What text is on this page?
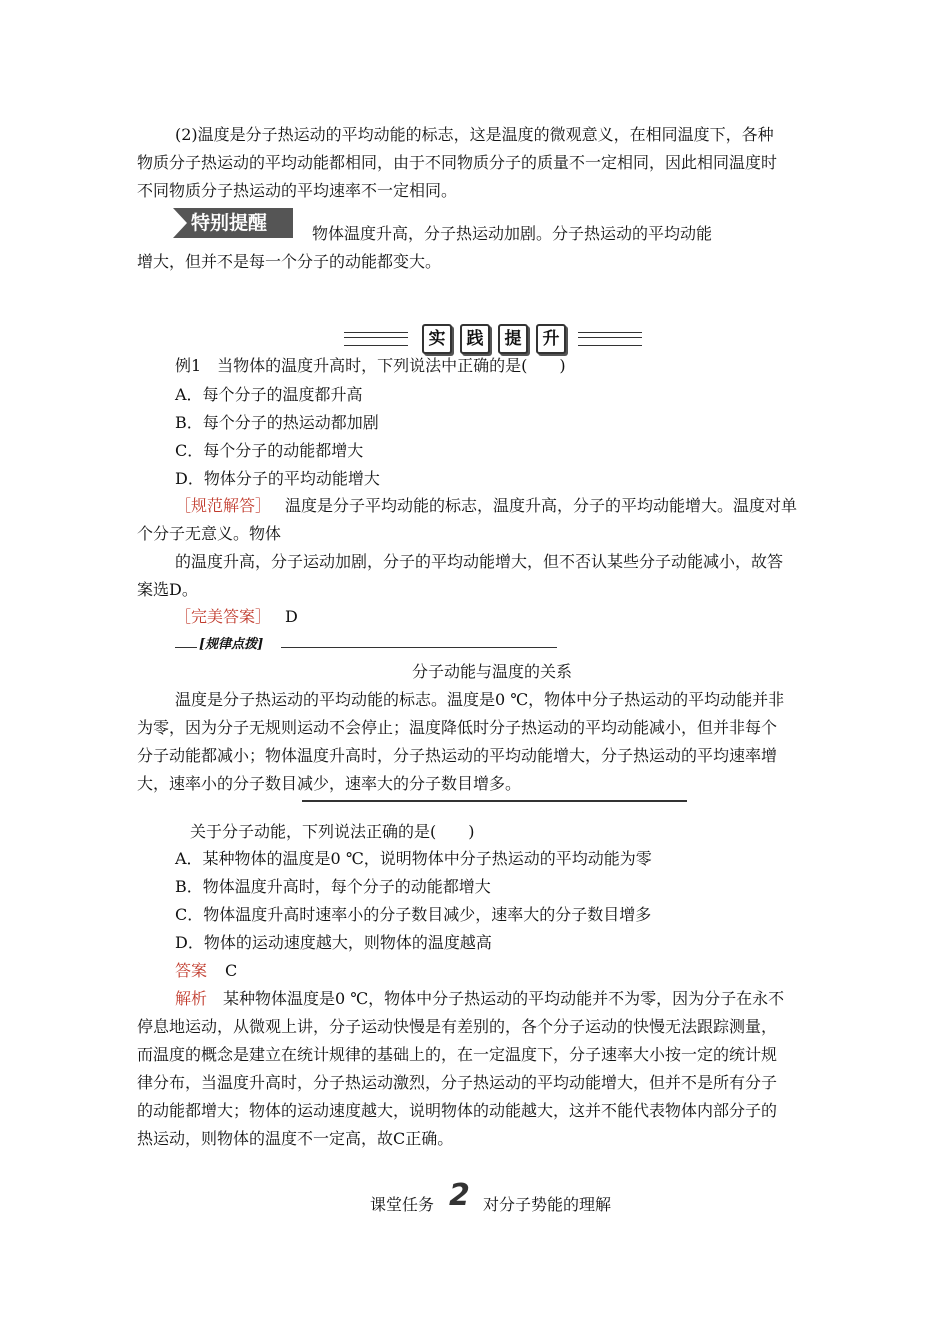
(2)温度是分子热运动的平均动能的标志，这是温度的微观意义，在相同温度下，各种
物质分子热运动的平均动能都相同，由于不同物质分子的质量不一定相同，因此相同温度时
不同物质分子热运动的平均速率不一定相同。
特别提醒	物体温度升高，分子热运动加剧。分子热运动的平均动能
增大，但并不是每一个分子的动能都变大。
实	践	提	升
例1　当物体的温度升高时，下列说法中正确的是(　　)
A．每个分子的温度都升高
B．每个分子的热运动都加剧
C．每个分子的动能都增大
D．物体分子的平均动能增大
［规范解答］ 温度是分子平均动能的标志，温度升高，分子的平均动能增大。温度对单
个分子无意义。物体
的温度升高，分子运动加剧，分子的平均动能增大，但不否认某些分子动能减小，故答
案选D。
［完美答案］ D
[规律点拨]
分子动能与温度的关系
温度是分子热运动的平均动能的标志。温度是0 ℃，物体中分子热运动的平均动能并非
为零，因为分子无规则运动不会停止；温度降低时分子热运动的平均动能减小，但并非每个
分子动能都减小；物体温度升高时，分子热运动的平均动能增大，分子热运动的平均速率增
大，速率小的分子数目减少，速率大的分子数目增多。
关于分子动能，下列说法正确的是(　　)
A．某种物体的温度是0 ℃，说明物体中分子热运动的平均动能为零
B．物体温度升高时，每个分子的动能都增大
C．物体温度升高时速率小的分子数目减少，速率大的分子数目增多
D．物体的运动速度越大，则物体的温度越高
答案 C
解析 某种物体温度是0 ℃，物体中分子热运动的平均动能并不为零，因为分子在永不
停息地运动，从微观上讲，分子运动快慢是有差别的，各个分子运动的快慢无法跟踪测量，
而温度的概念是建立在统计规律的基础上的，在一定温度下，分子速率大小按一定的统计规
律分布，当温度升高时，分子热运动激烈，分子热运动的平均动能增大，但并不是所有分子
的动能都增大；物体的运动速度越大，说明物体的动能越大，这并不能代表物体内部分子的
热运动，则物体的温度不一定高，故C正确。
课堂任务 2 对分子势能的理解
